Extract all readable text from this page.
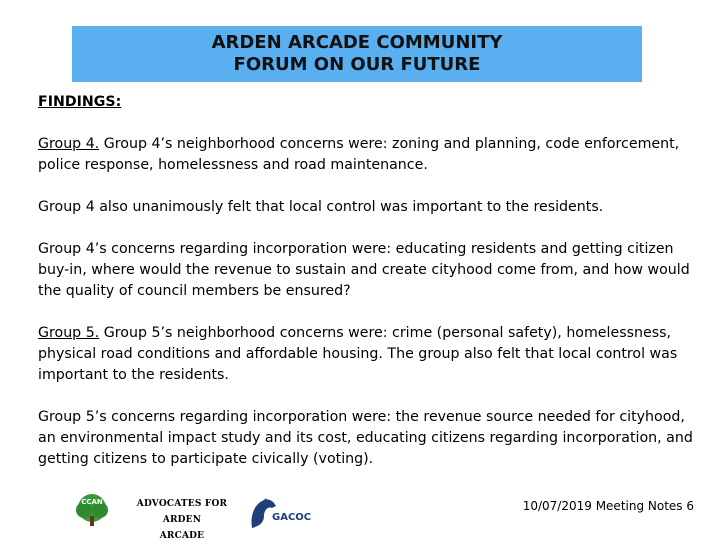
ARDEN ARCADE COMMUNITY
FORUM ON OUR FUTURE
FINDINGS:

Group 4. Group 4’s neighborhood concerns were: zoning and planning, code enforcement, police response, homelessness and road maintenance.

Group 4 also unanimously felt that local control was important to the residents.

Group 4’s concerns regarding incorporation were: educating residents and getting citizen buy-in, where would the revenue to sustain and create cityhood come from, and how would the quality of council members be ensured?

Group 5. Group 5’s neighborhood concerns were: crime (personal safety), homelessness, physical road conditions and affordable housing. The group also felt that local control was important to the residents.

Group 5’s concerns regarding incorporation were: the revenue source needed for cityhood, an environmental impact study and its cost, educating citizens regarding incorporation, and getting citizens to participate civically (voting).

CCAN	ADVOCATES FOR ARDEN
ARCADE
GACOC
10/07/2019 Meeting Notes 6
